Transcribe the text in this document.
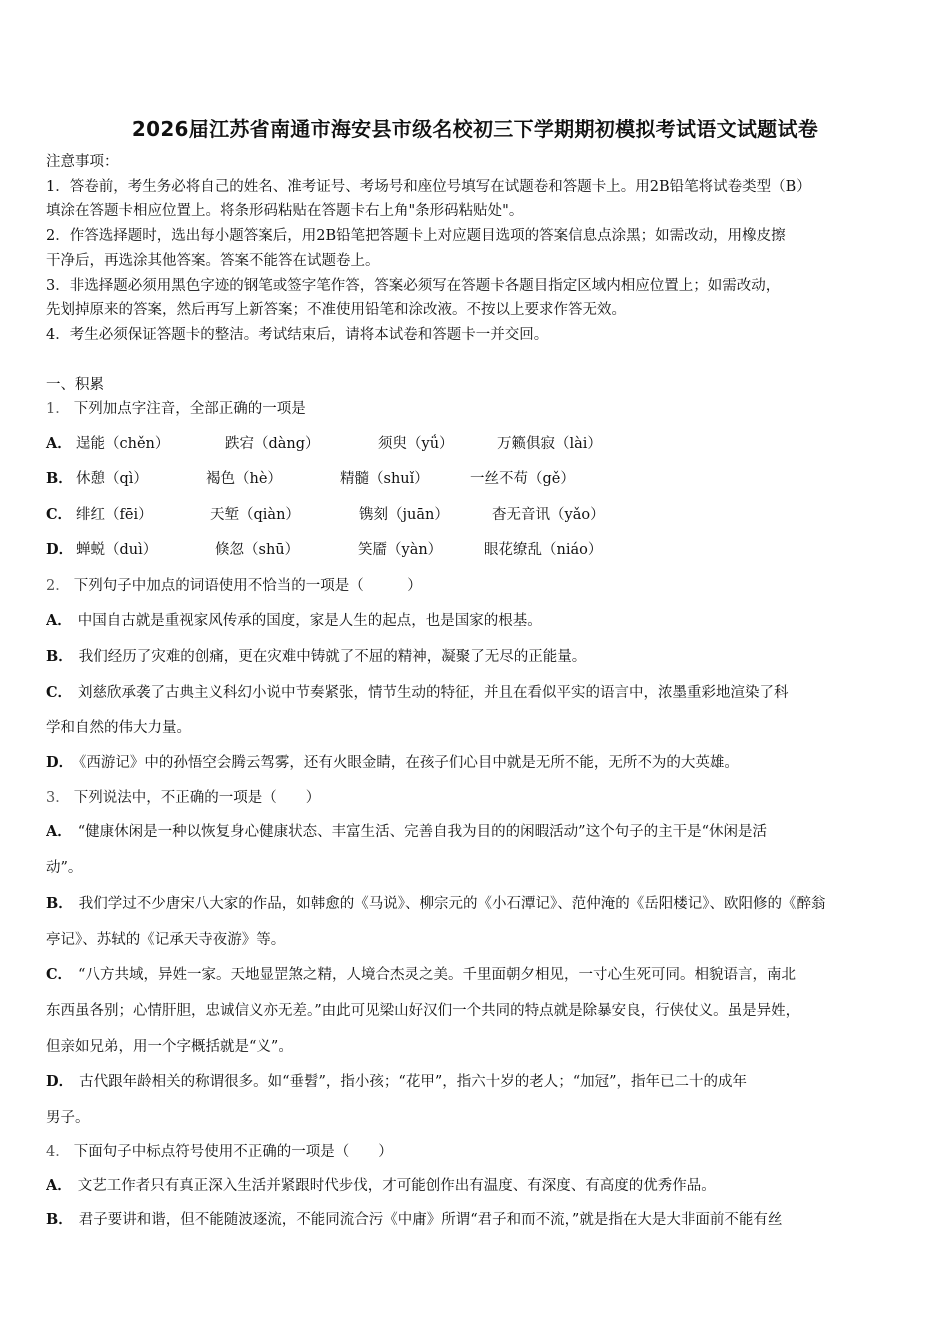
2026届江苏省南通市海安县市级名校初三下学期期初模拟考试语文试题试卷
注意事项：
1．答卷前，考生务必将自己的姓名、准考证号、考场号和座位号填写在试题卷和答题卡上。用2B铅笔将试卷类型（B）
填涂在答题卡相应位置上。将条形码粘贴在答题卡右上角"条形码粘贴处"。
2．作答选择题时，选出每小题答案后，用2B铅笔把答题卡上对应题目选项的答案信息点涂黑；如需改动，用橡皮擦
干净后，再选涂其他答案。答案不能答在试题卷上。
3．非选择题必须用黑色字迹的钢笔或签字笔作答，答案必须写在答题卡各题目指定区域内相应位置上；如需改动，
先划掉原来的答案，然后再写上新答案；不准使用铅笔和涂改液。不按以上要求作答无效。
4．考生必须保证答题卡的整洁。考试结束后，请将本试卷和答题卡一并交回。
一、积累
1． 下列加点字注音，全部正确的一项是
A． 逞能（chěn）	跌宕（dàng）	须臾（yǘ）	万籁俱寂（lài）
B． 休憩（qì）	褐色（hè）	精髓（shuǐ）	一丝不苟（gě）
C． 绯红（fēi）	天堑（qiàn）	镌刻（juān）	杳无音讯（yǎo）
D． 蝉蜕（duì）	倏忽（shū）	笑靥（yàn）	眼花缭乱（niáo）
2． 下列句子中加点的词语使用不恰当的一项是（　　　）
A． 中国自古就是重视家风传承的国度，家是人生的起点，也是国家的根基。
B． 我们经历了灾难的创痛，更在灾难中铸就了不屈的精神，凝聚了无尽的正能量。
C． 刘慈欣承袭了古典主义科幻小说中节奏紧张，情节生动的特征，并且在看似平实的语言中，浓墨重彩地渲染了科
学和自然的伟大力量。
D． 《西游记》中的孙悟空会腾云驾雾，还有火眼金睛，在孩子们心目中就是无所不能，无所不为的大英雄。
3． 下列说法中，不正确的一项是（　　）
A． “健康休闲是一种以恢复身心健康状态、丰富生活、完善自我为目的的闲暇活动”这个句子的主干是“休闲是活
动”。
B． 我们学过不少唐宋八大家的作品，如韩愈的《马说》、柳宗元的《小石潭记》、范仲淹的《岳阳楼记》、欧阳修的《醉翁
亭记》、苏轼的《记承天寺夜游》等。
C． “八方共域，异姓一家。天地显罡煞之精，人境合杰灵之美。千里面朝夕相见，一寸心生死可同。相貌语言，南北
东西虽各别；心情肝胆，忠诚信义亦无差。”由此可见梁山好汉们一个共同的特点就是除暴安良，行侠仗义。虽是异姓，
但亲如兄弟，用一个字概括就是“义”。
D． 古代跟年龄相关的称谓很多。如“垂髫”，指小孩；“花甲”，指六十岁的老人；“加冠”，指年已二十的成年
男子。
4． 下面句子中标点符号使用不正确的一项是（　　）
A． 文艺工作者只有真正深入生活并紧跟时代步伐，才可能创作出有温度、有深度、有高度的优秀作品。
B． 君子要讲和谐，但不能随波逐流，不能同流合污《中庸》所谓“君子和而不流，”就是指在大是大非面前不能有丝
